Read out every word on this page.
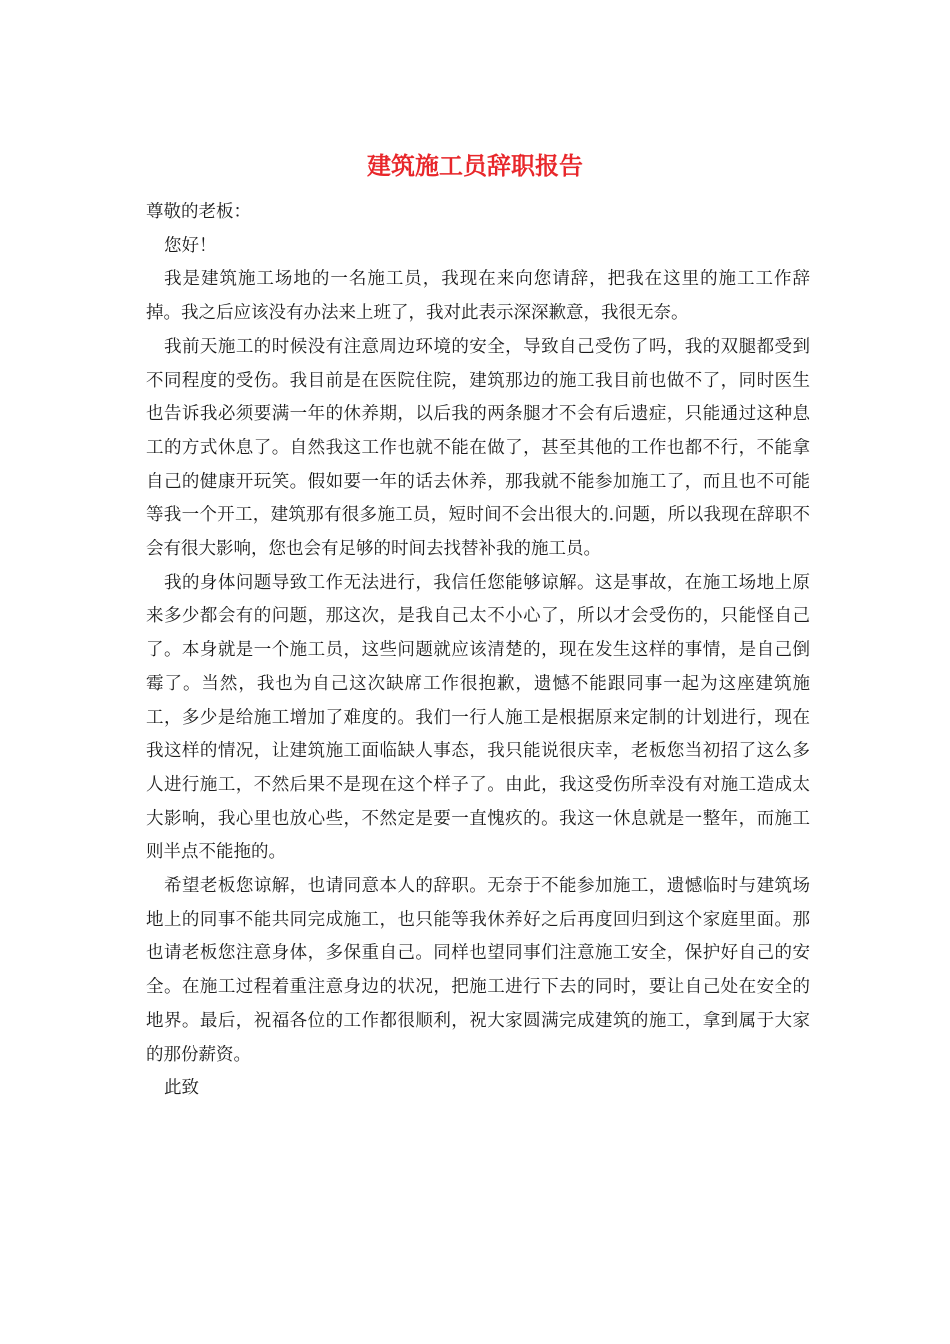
建筑施工员辞职报告

尊敬的老板：

您好！

我是建筑施工场地的一名施工员，我现在来向您请辞，把我在这里的施工工作辞掉。我之后应该没有办法来上班了，我对此表示深深歉意，我很无奈。

我前天施工的时候没有注意周边环境的安全，导致自己受伤了吗，我的双腿都受到不同程度的受伤。我目前是在医院住院，建筑那边的施工我目前也做不了，同时医生也告诉我必须要满一年的休养期，以后我的两条腿才不会有后遗症，只能通过这种息工的方式休息了。自然我这工作也就不能在做了，甚至其他的工作也都不行，不能拿自己的健康开玩笑。假如要一年的话去休养，那我就不能参加施工了，而且也不可能等我一个开工，建筑那有很多施工员，短时间不会出很大的.问题，所以我现在辞职不会有很大影响，您也会有足够的时间去找替补我的施工员。

我的身体问题导致工作无法进行，我信任您能够谅解。这是事故，在施工场地上原来多少都会有的问题，那这次，是我自己太不小心了，所以才会受伤的，只能怪自己了。本身就是一个施工员，这些问题就应该清楚的，现在发生这样的事情，是自己倒霉了。当然，我也为自己这次缺席工作很抱歉，遗憾不能跟同事一起为这座建筑施工，多少是给施工增加了难度的。我们一行人施工是根据原来定制的计划进行，现在我这样的情况，让建筑施工面临缺人事态，我只能说很庆幸，老板您当初招了这么多人进行施工，不然后果不是现在这个样子了。由此，我这受伤所幸没有对施工造成太大影响，我心里也放心些，不然定是要一直愧疚的。我这一休息就是一整年，而施工则半点不能拖的。

希望老板您谅解，也请同意本人的辞职。无奈于不能参加施工，遗憾临时与建筑场地上的同事不能共同完成施工，也只能等我休养好之后再度回归到这个家庭里面。那也请老板您注意身体，多保重自己。同样也望同事们注意施工安全，保护好自己的安全。在施工过程着重注意身边的状况，把施工进行下去的同时，要让自己处在安全的地界。最后，祝福各位的工作都很顺利，祝大家圆满完成建筑的施工，拿到属于大家的那份薪资。

此致
